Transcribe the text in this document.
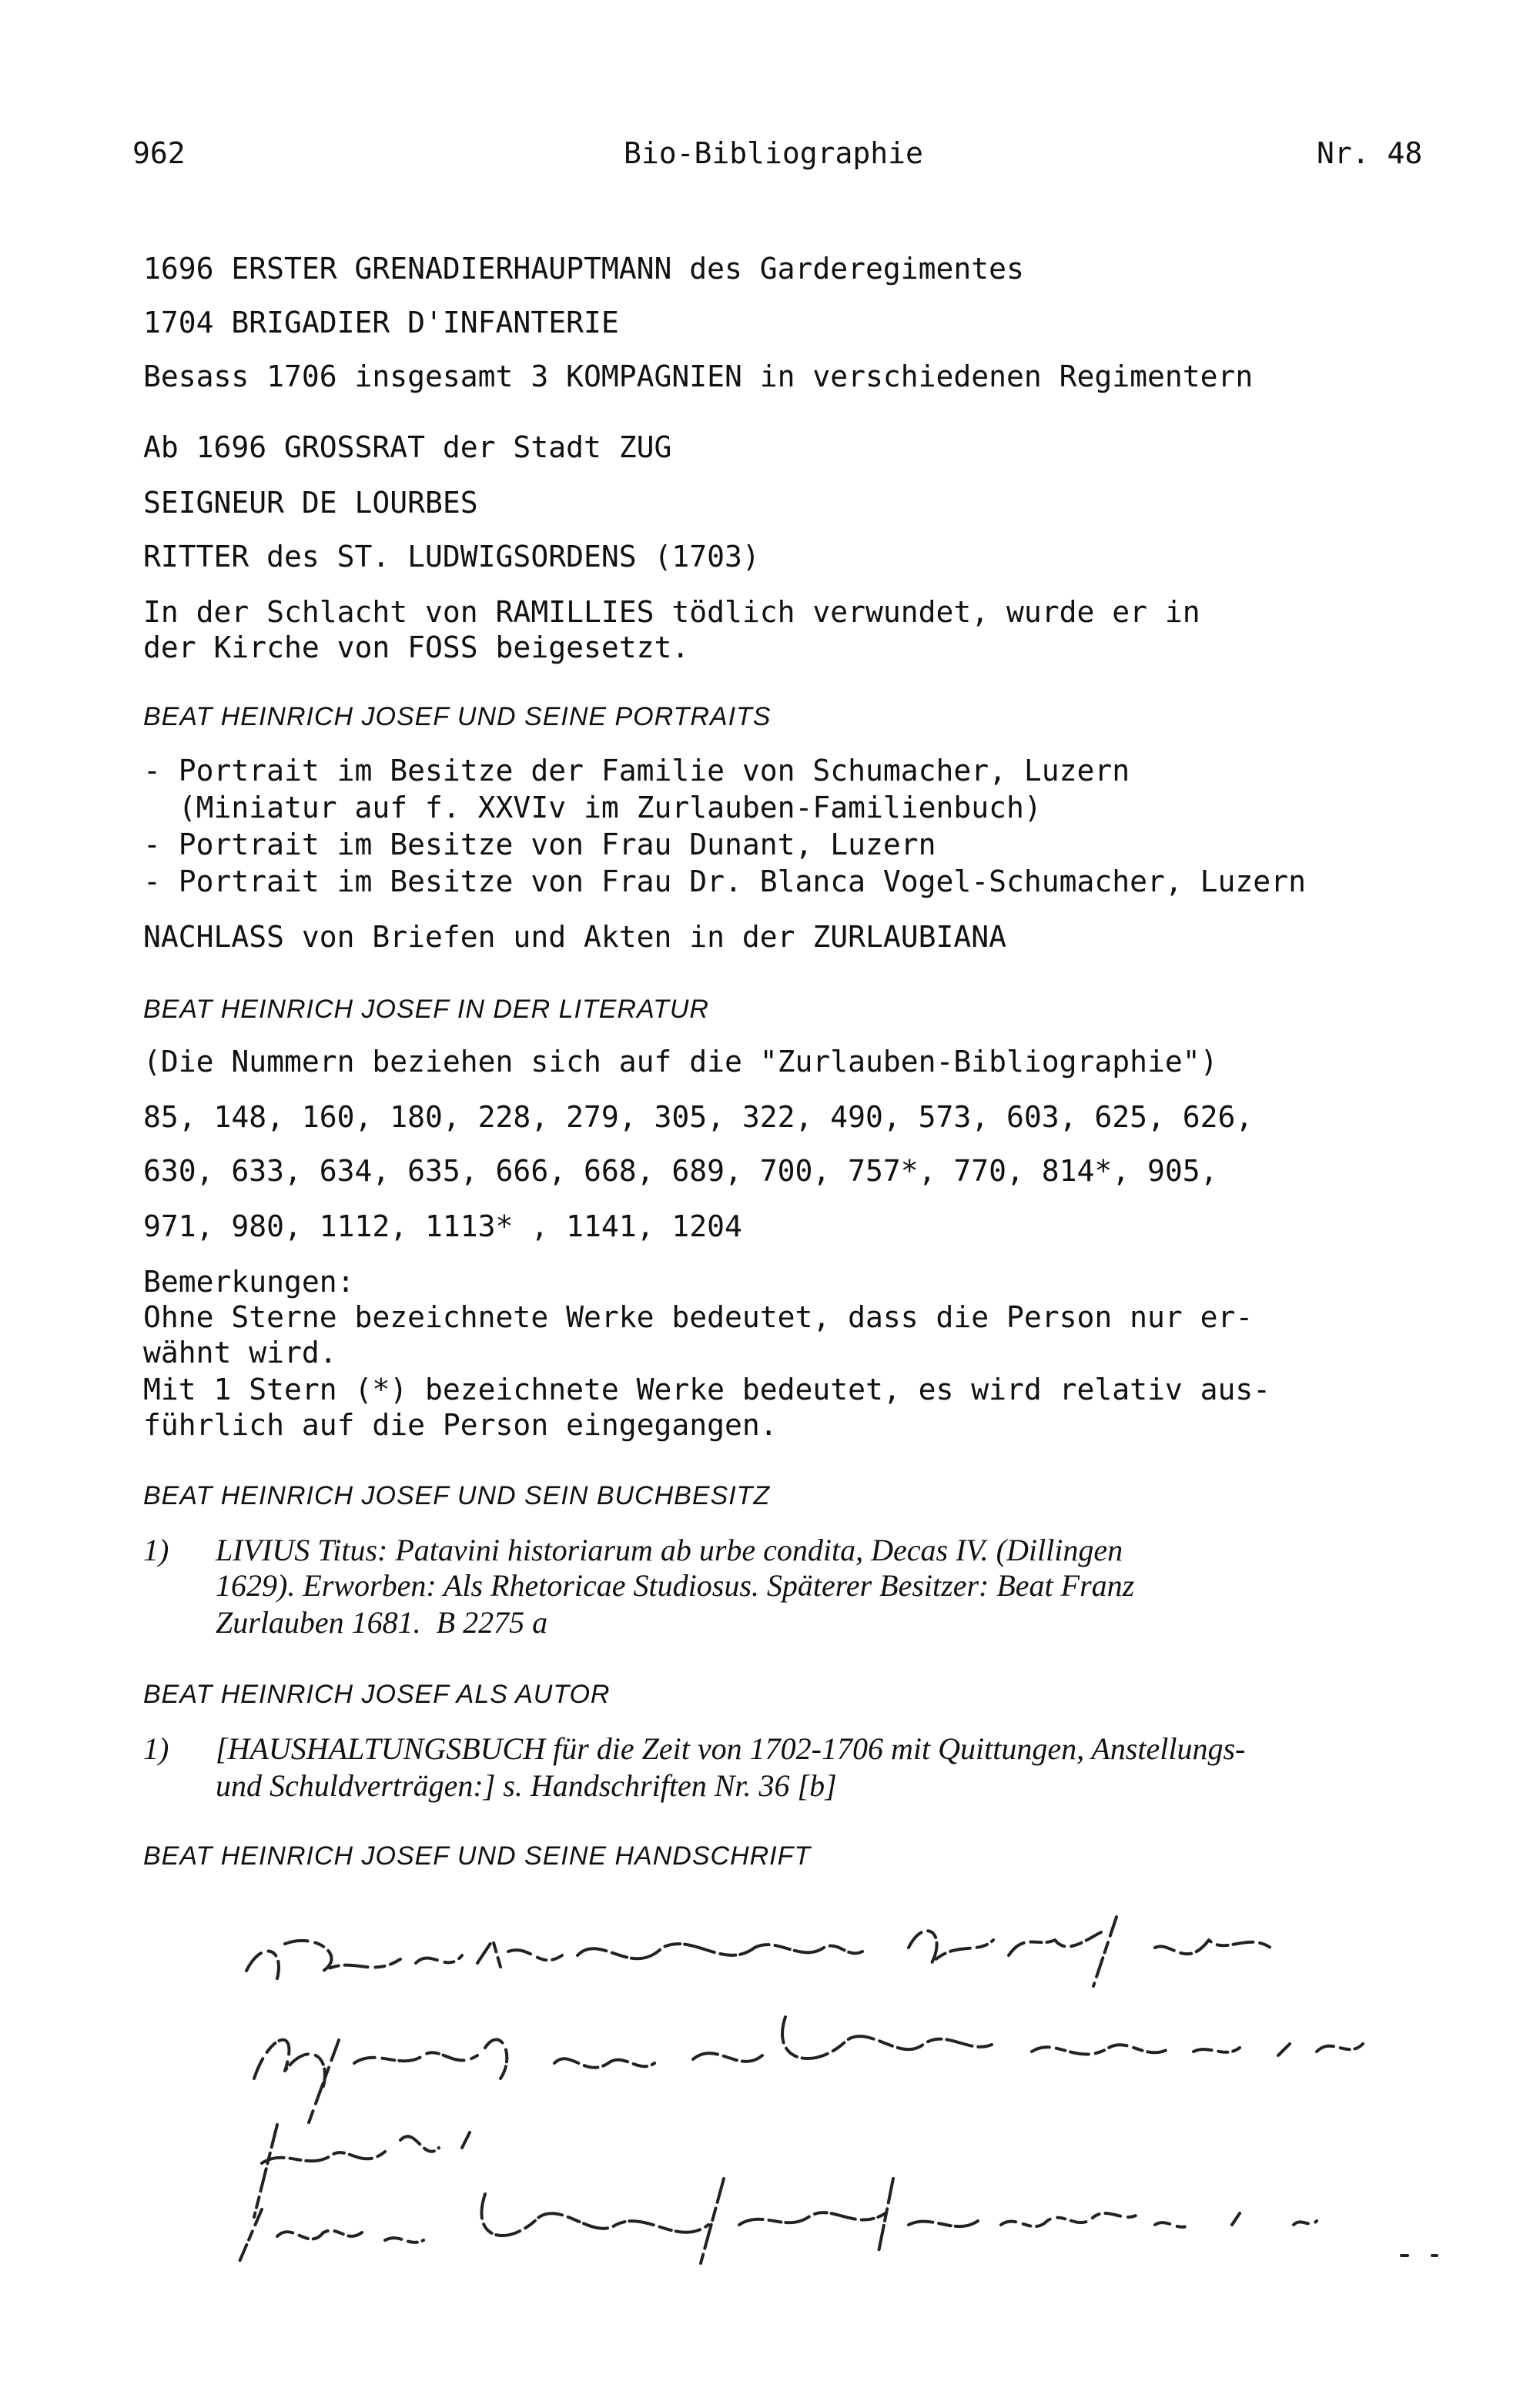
962	Bio-Bibliographie	Nr. 48
1696 ERSTER GRENADIERHAUPTMANN des Garderegimentes
1704 BRIGADIER D'INFANTERIE
Besass 1706 insgesamt 3 KOMPAGNIEN in verschiedenen Regimentern
Ab 1696 GROSSRAT der Stadt ZUG
SEIGNEUR DE LOURBES
RITTER des ST. LUDWIGSORDENS (1703)
In der Schlacht von RAMILLIES tödlich verwundet, wurde er in
der Kirche von FOSS beigesetzt.
BEAT HEINRICH JOSEF UND SEINE PORTRAITS
- Portrait im Besitze der Familie von Schumacher, Luzern
(Miniatur auf f. XXVIv im Zurlauben-Familienbuch)
- Portrait im Besitze von Frau Dunant, Luzern
- Portrait im Besitze von Frau Dr. Blanca Vogel-Schumacher, Luzern
NACHLASS von Briefen und Akten in der ZURLAUBIANA
BEAT HEINRICH JOSEF IN DER LITERATUR
(Die Nummern beziehen sich auf die "Zurlauben-Bibliographie")
85, 148, 160, 180, 228, 279, 305, 322, 490, 573, 603, 625, 626,
630, 633, 634, 635, 666, 668, 689, 700, 757*, 770, 814*, 905,
971, 980, 1112, 1113* , 1141, 1204
Bemerkungen:
Ohne Sterne bezeichnete Werke bedeutet, dass die Person nur er-
wähnt wird.
Mit 1 Stern (*) bezeichnete Werke bedeutet, es wird relativ aus-
führlich auf die Person eingegangen.
BEAT HEINRICH JOSEF UND SEIN BUCHBESITZ
1) LIVIUS Titus: Patavini historiarum ab urbe condita, Decas IV. (Dillingen
1629). Erworben: Als Rhetoricae Studiosus. Späterer Besitzer: Beat Franz
Zurlauben 1681.  B 2275 a
BEAT HEINRICH JOSEF ALS AUTOR
1) [HAUSHALTUNGSBUCH für die Zeit von 1702-1706 mit Quittungen, Anstellungs-
und Schuldverträgen:] s. Handschriften Nr. 36 [b]
BEAT HEINRICH JOSEF UND SEINE HANDSCHRIFT
